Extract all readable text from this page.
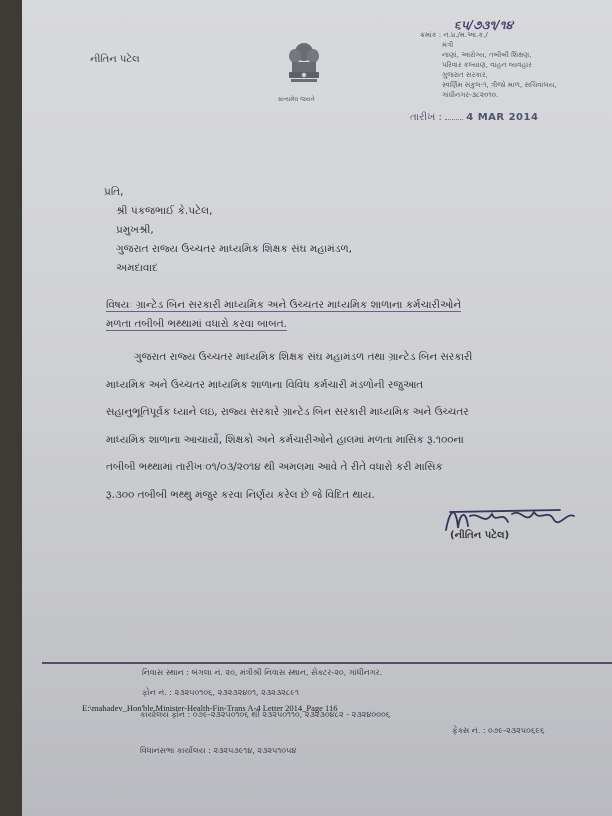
નીતિન પટેલ
સત્યમેવ જયતે
૬૫/૭૩૧/૧૪
ક્રમાંક : ન.પ્ર./મ.આ.ક./
મંત્રી
નાણાં, આરોગ્ય, તબીબી શિક્ષણ,
પરિવાર કલ્યાણ, વાહન વ્યવહાર
ગુજરાત સરકાર,
સ્વર્ણિમ સંકુલ-૧, ત્રીજો માળ, સચિવાલય,
ગાંધીનગર-૩૮૨૦૧૦.
તારીખ : 4 MAR 2014
પ્રતિ,
શ્રી પંકજભાઈ કે.પટેલ,
પ્રમુખશ્રી,
ગુજરાત રાજ્ય ઉચ્ચતર માધ્યમિક શિક્ષક સંઘ મહામંડળ,
અમદાવાદ
વિષયઃ ગ્રાન્ટેડ બિન સરકારી માધ્યમિક અને ઉચ્ચતર માધ્યમિક શાળાના કર્મચારીઓને
મળતા તબીબી ભથ્થામાં વધારો કરવા બાબત.
ગુજરાત રાજ્ય ઉચ્ચતર માધ્યમિક શિક્ષક સંઘ મહામંડળ તથા ગ્રાન્ટેડ બિન સરકારી
માધ્યમિક અને ઉચ્ચતર માધ્યમિક શાળાના વિવિધ કર્મચારી મંડળોની રજુઆત
સહાનુભૂતિપૂર્વક ધ્યાને લઇ, રાજ્ય સરકારે ગ્રાન્ટેડ બિન સરકારી માધ્યમિક અને ઉચ્ચતર
માધ્યમિક શાળાના આચાર્યો, શિક્ષકો અને કર્મચારીઓને હાલમાં મળતા માસિક રૂ.૧૦૦ના
તબીબી ભથ્થામાં તારીખઃ૦૧/૦૩/૨૦૧૪ થી અમલમા આવે તે રીતે વધારો કરી માસિક
રૂ.૩૦૦ તબીબી ભથ્થુ મંજુર કરવા નિર્ણય કરેલ છે જે વિદિત થાય.
(નીતિન પટેલ)
નિવાસ સ્થાન : બંગલા નં. ૨૦, મંત્રીશ્રી નિવાસ સ્થાન, સેક્ટર-૨૦, ગાંધીનગર.
ફોન નં. : ૨૩૨૫૦૧૦૬, ૨૩૨૩૨૪૦૧, ૨૩૨૩૨૮૯૧
E:\mahadev_Hon'ble Minister-Health-Fin-Trans A-4 Letter 2014_Page 116
કાર્યાલય ફોન : ૦૭૯-૨૩૨૫૦૧૦૬ થી ૨૩૨૫૦૧૧૦, ૨૩૨૩૦૪૮૨ - ૨૩૨૪૦૦૦૬
ફેક્સ નં. : ૦૭૯-૨૩૨૫૦૬૯૬
વિધાનસભા કાર્યાલય : ૨૩૨૫૩૯૧૪, ૨૩૨૫૧૦૫૪
